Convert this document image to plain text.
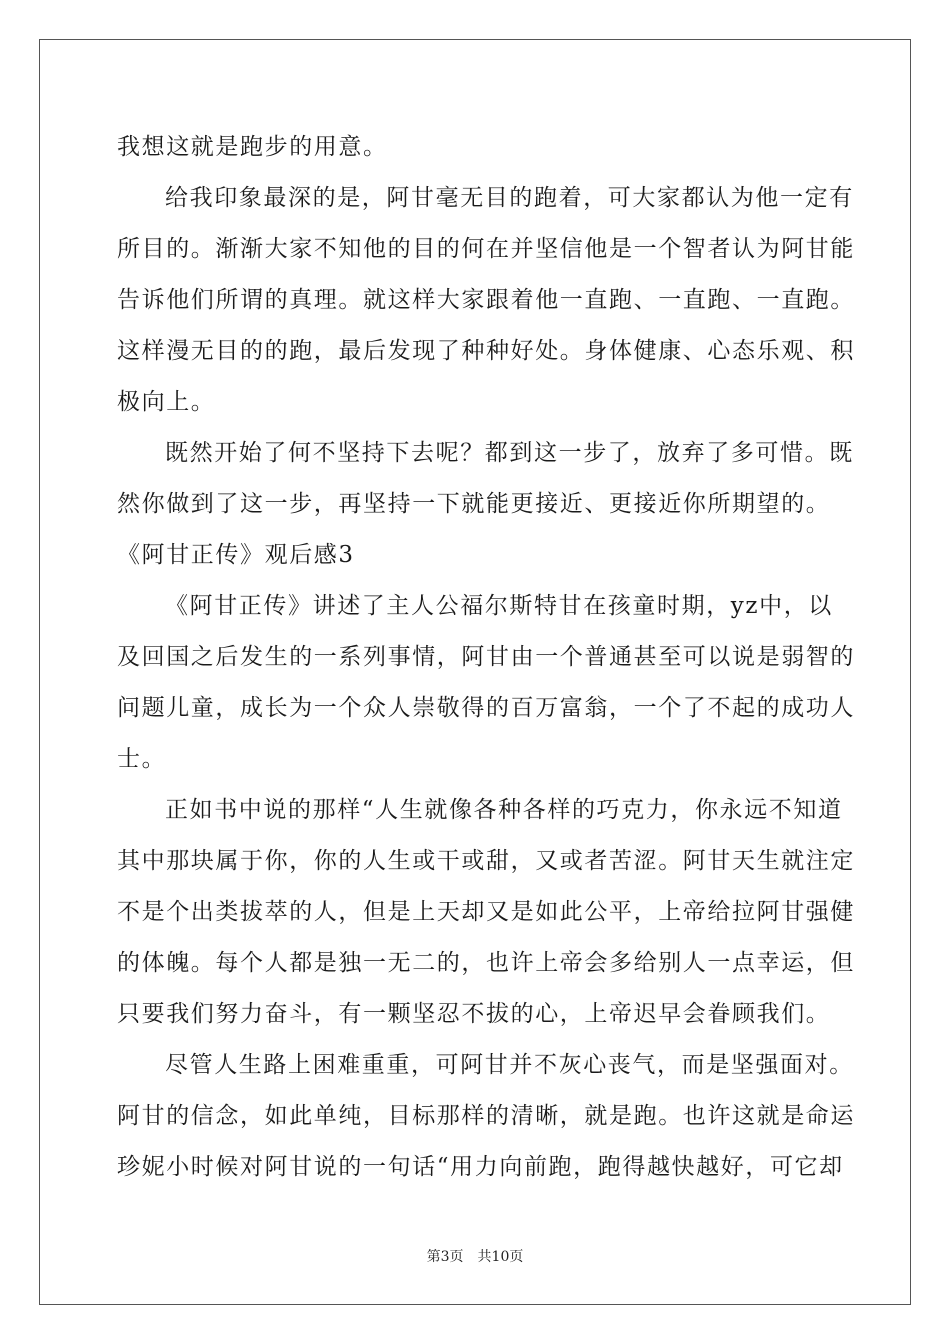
我想这就是跑步的用意。
给我印象最深的是，阿甘毫无目的跑着，可大家都认为他一定有
所目的。渐渐大家不知他的目的何在并坚信他是一个智者认为阿甘能
告诉他们所谓的真理。就这样大家跟着他一直跑、一直跑、一直跑。
这样漫无目的的跑，最后发现了种种好处。身体健康、心态乐观、积
极向上。
既然开始了何不坚持下去呢？都到这一步了，放弃了多可惜。既
然你做到了这一步，再坚持一下就能更接近、更接近你所期望的。
《阿甘正传》观后感3
《阿甘正传》讲述了主人公福尔斯特甘在孩童时期，yz中，以
及回国之后发生的一系列事情，阿甘由一个普通甚至可以说是弱智的
问题儿童，成长为一个众人崇敬得的百万富翁，一个了不起的成功人
士。
正如书中说的那样“人生就像各种各样的巧克力，你永远不知道
其中那块属于你，你的人生或干或甜，又或者苦涩。阿甘天生就注定
不是个出类拔萃的人，但是上天却又是如此公平，上帝给拉阿甘强健
的体魄。每个人都是独一无二的，也许上帝会多给别人一点幸运，但
只要我们努力奋斗，有一颗坚忍不拔的心，上帝迟早会眷顾我们。
尽管人生路上困难重重，可阿甘并不灰心丧气，而是坚强面对。
阿甘的信念，如此单纯，目标那样的清晰，就是跑。也许这就是命运
珍妮小时候对阿甘说的一句话“用力向前跑，跑得越快越好，可它却
第3页 共10页
